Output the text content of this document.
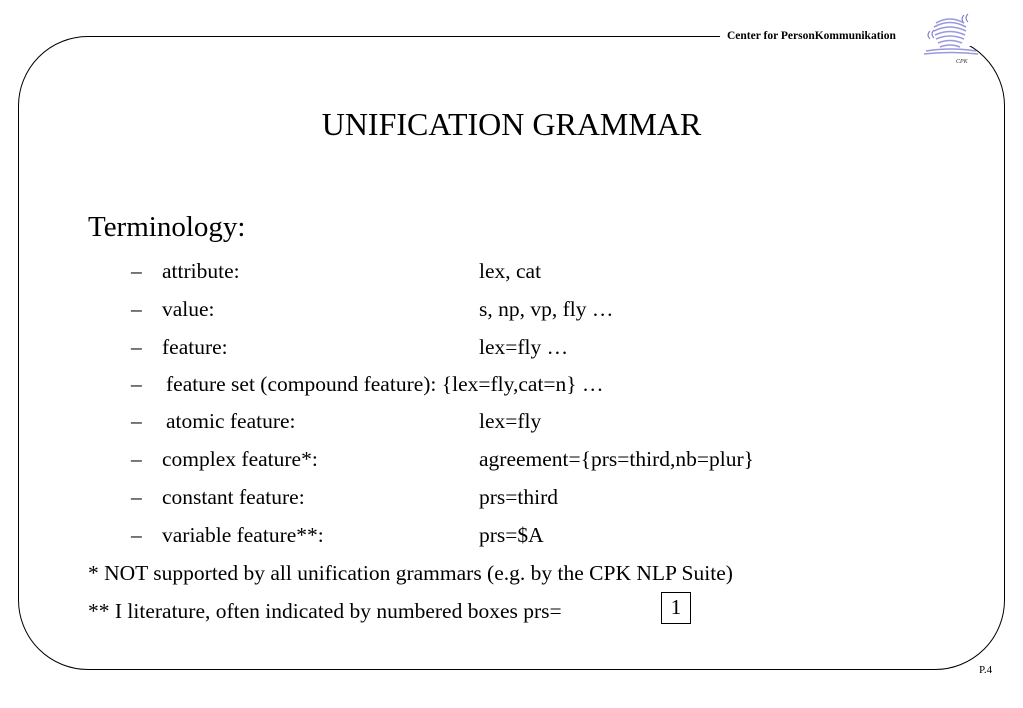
Center for PersonKommunikation
CPK
UNIFICATION GRAMMAR
Terminology:
– attribute:	lex, cat
– value:	s, np, vp, fly …
– feature:	lex=fly …
– feature set (compound feature): {lex=fly,cat=n} …
– atomic feature:	lex=fly
– complex feature*:	agreement={prs=third,nb=plur}
– constant feature:	prs=third
– variable feature**:	prs=$A
* NOT supported by all unification grammars (e.g. by the CPK NLP Suite)
** I literature, often indicated by numbered boxes prs=	1
P.4
